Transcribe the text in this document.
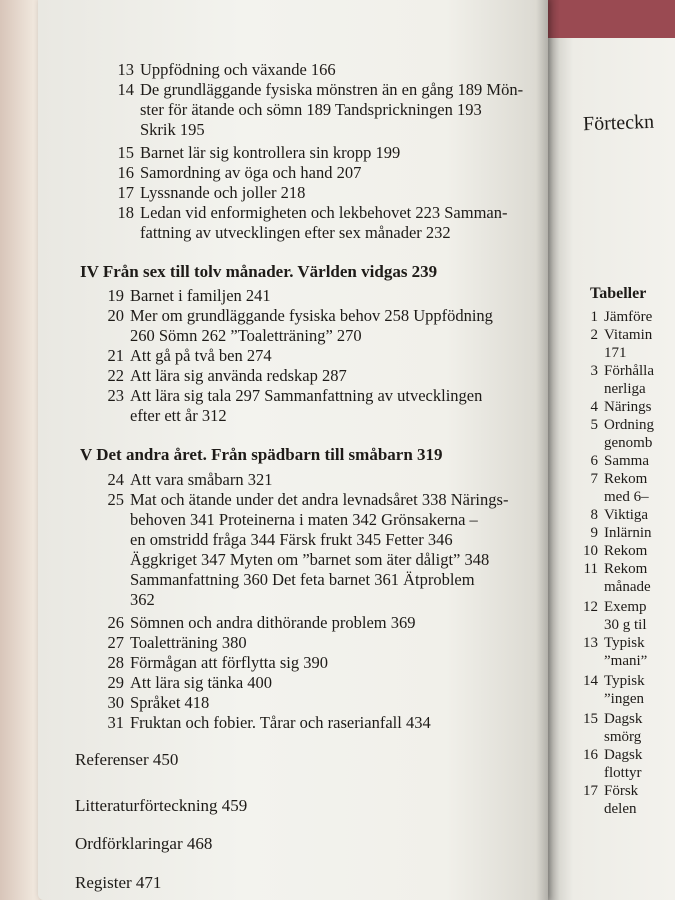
13 Uppfödning och växande 166
14 De grundläggande fysiska mönstren än en gång 189 Mön-
ster för ätande och sömn 189 Tandsprickningen 193
Skrik 195
15 Barnet lär sig kontrollera sin kropp 199
16 Samordning av öga och hand 207
17 Lyssnande och joller 218
18 Ledan vid enformigheten och lekbehovet 223 Samman-
fattning av utvecklingen efter sex månader 232
19 Barnet i familjen 241
20 Mer om grundläggande fysiska behov 258 Uppfödning
260 Sömn 262 ”Toaletträning” 270
21 Att gå på två ben 274
22 Att lära sig använda redskap 287
23 Att lära sig tala 297 Sammanfattning av utvecklingen
efter ett år 312
24 Att vara småbarn 321
25 Mat och ätande under det andra levnadsåret 338 Närings-
behoven 341 Proteinerna i maten 342 Grönsakerna –
en omstridd fråga 344 Färsk frukt 345 Fetter 346
Äggkriget 347 Myten om ”barnet som äter dåligt” 348
Sammanfattning 360 Det feta barnet 361 Ätproblem
362
26 Sömnen och andra dithörande problem 369
27 Toaletträning 380
28 Förmågan att förflytta sig 390
29 Att lära sig tänka 400
30 Språket 418
31 Fruktan och fobier. Tårar och raserianfall 434
IV Från sex till tolv månader. Världen vidgas 239
V Det andra året. Från spädbarn till småbarn 319
Referenser 450
Litteraturförteckning 459
Ordförklaringar 468
Register 471
Förteckn
Tabeller
1 Jämföre
2 Vitamin
171
3 Förhålla
nerliga
4 Närings
5 Ordning
genomb
6 Samma
7 Rekom
med 6–
8 Viktiga
9 Inlärnin
10 Rekom
11 Rekom
månade
12 Exemp
30 g til
13 Typisk
”mani”
14 Typisk
”ingen
15 Dagsk
smörg
16 Dagsk
flottyr
17 Försk
delen
